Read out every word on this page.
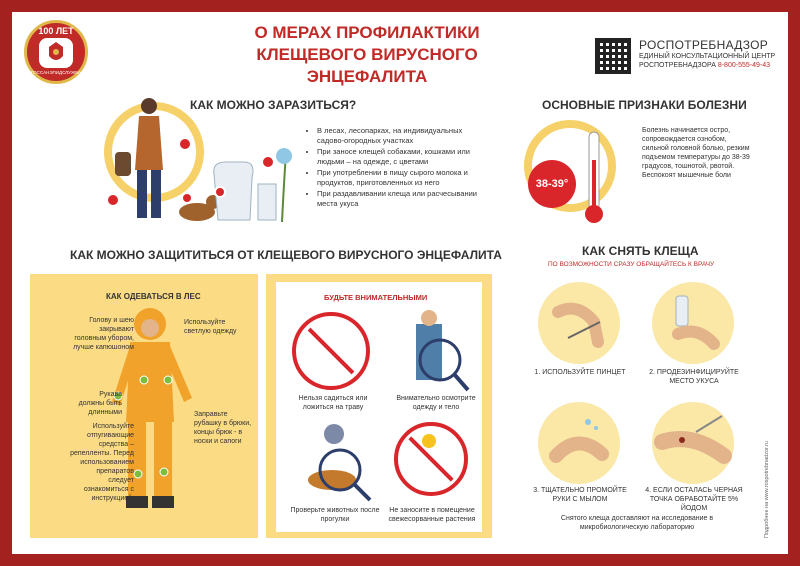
100 ЛЕТ
ГОССАНЭПИДСЛУЖБА
О МЕРАХ ПРОФИЛАКТИКИ
КЛЕЩЕВОГО ВИРУСНОГО ЭНЦЕФАЛИТА
РОСПОТРЕБНАДЗОР
ЕДИНЫЙ КОНСУЛЬТАЦИОННЫЙ ЦЕНТР
РОСПОТРЕБНАДЗОРА 8-800-555-49-43
КАК МОЖНО ЗАРАЗИТЬСЯ?
• В лесах, лесопарках, на индивидуальных садово-огородных участках
• При заносе клещей собаками, кошками или людьми – на одежде, с цветами
• При употреблении в пищу сырого молока и продуктов, приготовленных из него
• При раздавливании клеща или расчесывании места укуса
ОСНОВНЫЕ ПРИЗНАКИ БОЛЕЗНИ
38-39°
Болезнь начинается остро, сопровождается ознобом, сильной головной болью, резким подъемом температуры до 38-39 градусов, тошнотой, рвотой. Беспокоят мышечные боли
КАК МОЖНО ЗАЩИТИТЬСЯ ОТ КЛЕЩЕВОГО ВИРУСНОГО ЭНЦЕФАЛИТА
КАК ОДЕВАТЬСЯ В ЛЕС
Голову и шею закрывают головным убором, лучше капюшоном
Используйте светлую одежду
Рукава должны быть длинными
Используйте отпугивающие средства – репелленты. Перед использованием препаратов следует ознакомиться с инструкцией.
Заправьте рубашку в брюки, концы брюк - в носки и сапоги
БУДЬТЕ ВНИМАТЕЛЬНЫМИ
Нельзя садиться или ложиться на траву
Внимательно осмотрите одежду и тело
Проверьте животных после прогулки
Не заносите в помещение свежесорванные растения
КАК СНЯТЬ КЛЕЩА
ПО ВОЗМОЖНОСТИ СРАЗУ ОБРАЩАЙТЕСЬ К ВРАЧУ
1. ИСПОЛЬЗУЙТЕ ПИНЦЕТ	2. ПРОДЕЗИНФИЦИРУЙТЕ МЕСТО УКУСА
3. ТЩАТЕЛЬНО ПРОМОЙТЕ РУКИ С МЫЛОМ
4. ЕСЛИ ОСТАЛАСЬ ЧЕРНАЯ ТОЧКА ОБРАБОТАЙТЕ 5% ЙОДОМ
Снятого клеща доставляют на исследование в микробиологическую лабораторию	Подробнее на www.rospotrebnadzor.ru
